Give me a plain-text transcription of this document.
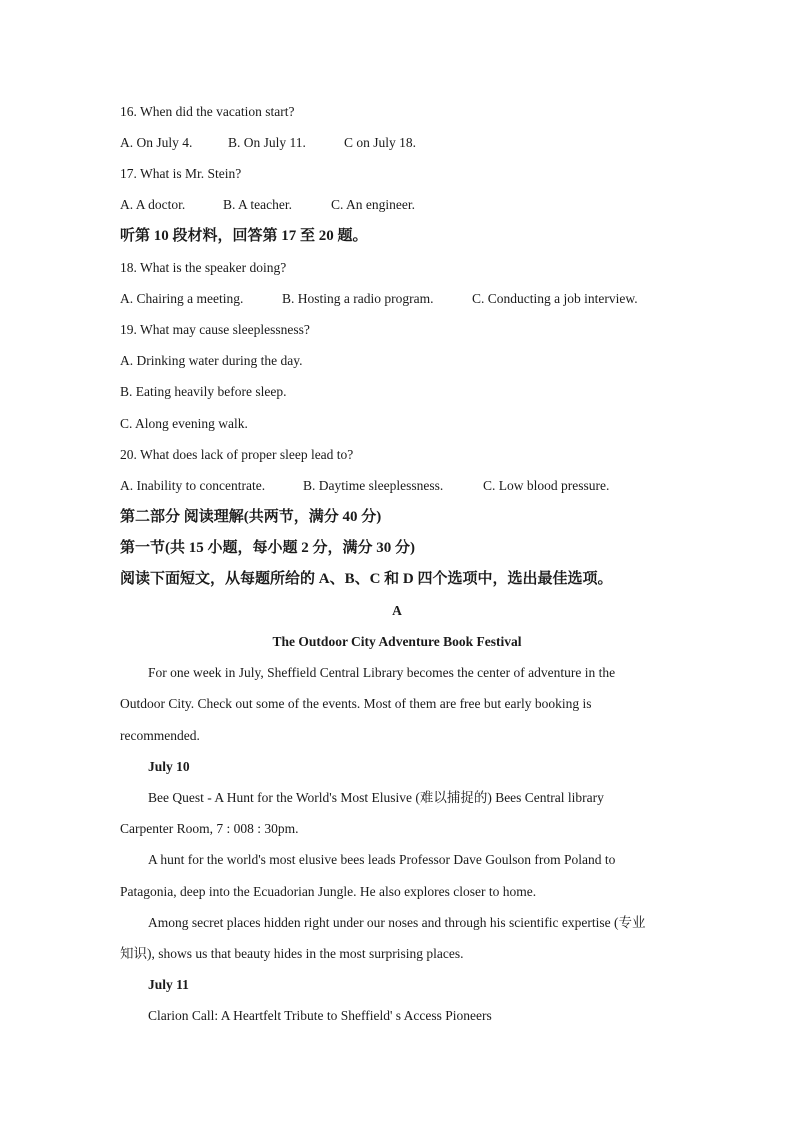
16. When did the vacation start?
A. On July 4.	B. On July 11.	C on July 18.
17. What is Mr. Stein?
A. A doctor.	B. A teacher.	C. An engineer.
听第 10 段材料，回答第 17 至 20 题。
18. What is the speaker doing?
A. Chairing a meeting.	B. Hosting a radio program.	C. Conducting a job interview.
19. What may cause sleeplessness?
A. Drinking water during the day.
B. Eating heavily before sleep.
C. Along evening walk.
20. What does lack of proper sleep lead to?
A. Inability to concentrate.	B. Daytime sleeplessness.	C. Low blood pressure.
第二部分 阅读理解(共两节，满分 40 分)
第一节(共 15 小题，每小题 2 分，满分 30 分)
阅读下面短文，从每题所给的 A、B、C 和 D 四个选项中，选出最佳选项。
A
The Outdoor City Adventure Book Festival
For one week in July, Sheffield Central Library becomes the center of adventure in the
Outdoor City. Check out some of the events. Most of them are free but early booking is
recommended.
July 10
Bee Quest - A Hunt for the World's Most Elusive (难以捕捉的) Bees Central library
Carpenter Room, 7 : 008 : 30pm.
A hunt for the world's most elusive bees leads Professor Dave Goulson from Poland to
Patagonia, deep into the Ecuadorian Jungle. He also explores closer to home.
Among secret places hidden right under our noses and through his scientific expertise (专业
知识), shows us that beauty hides in the most surprising places.
July 11
Clarion Call: A Heartfelt Tribute to Sheffield' s Access Pioneers
